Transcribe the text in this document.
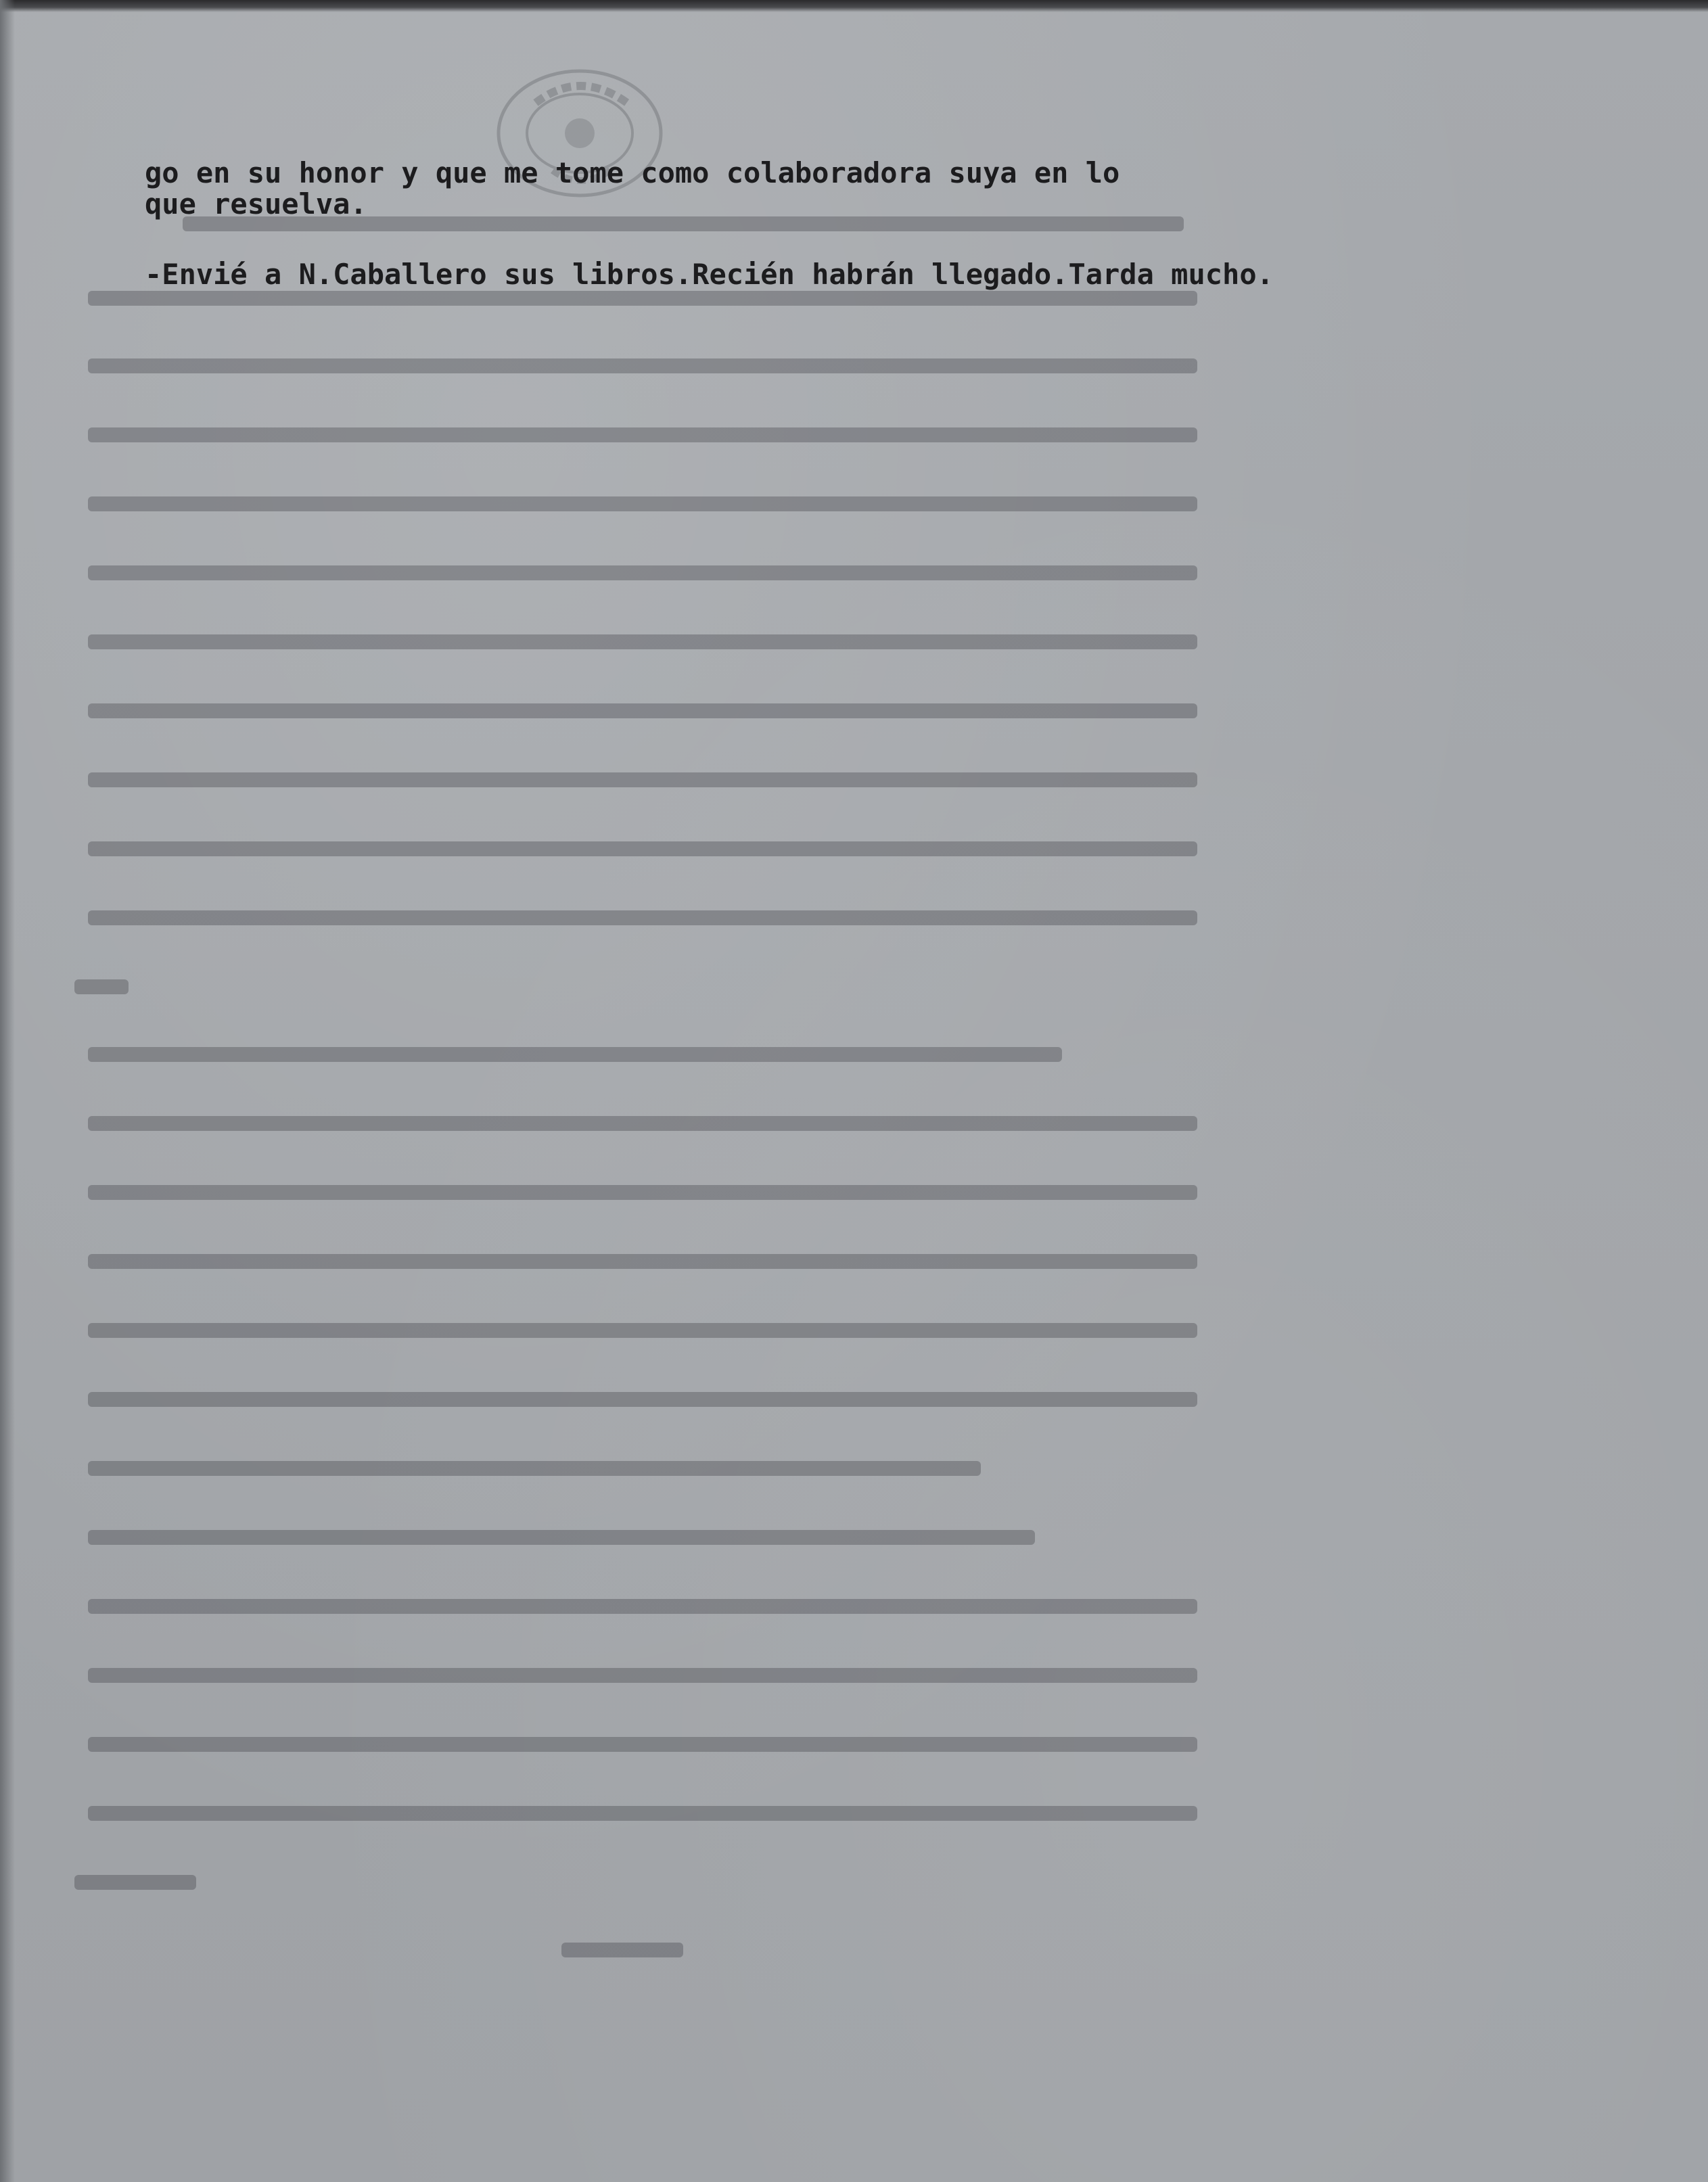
go en su honor y que me tome como colaboradora suya en lo

que resuelva.

-Envié a N.Caballero sus libros.Recién habrán llegado.Tarda mucho.
